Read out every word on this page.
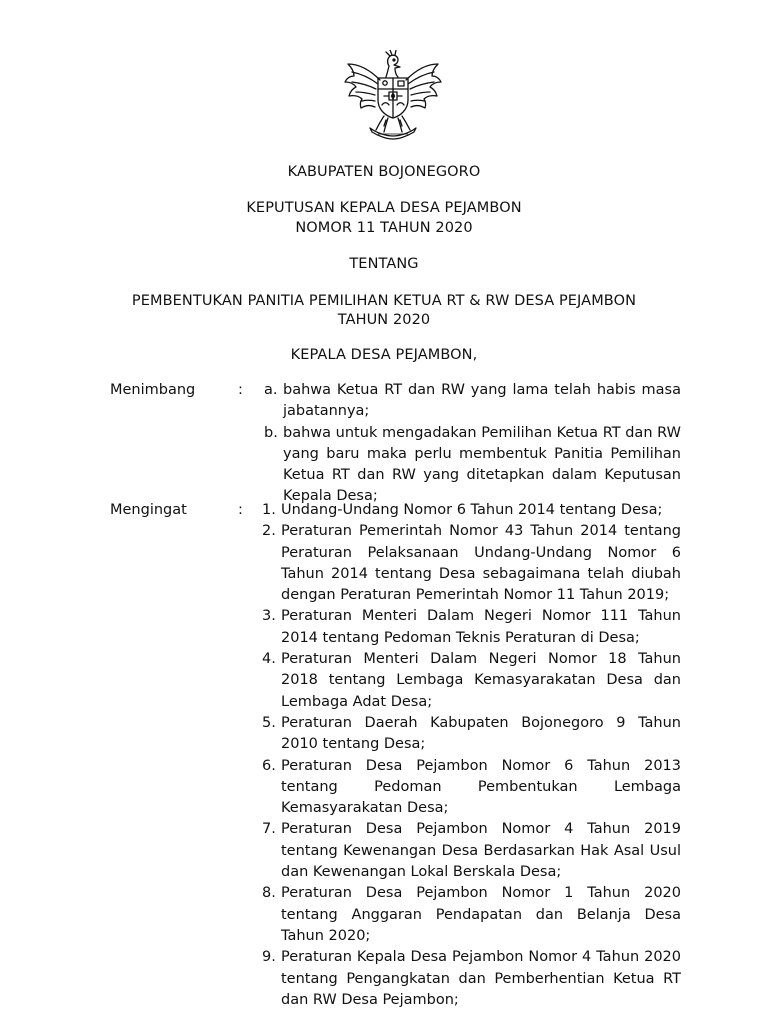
KABUPATEN BOJONEGORO
KEPUTUSAN KEPALA DESA PEJAMBON
NOMOR 11 TAHUN 2020
TENTANG
PEMBENTUKAN PANITIA PEMILIHAN KETUA RT & RW DESA PEJAMBON
TAHUN 2020
KEPALA DESA PEJAMBON,
Menimbang	: a. bahwa Ketua RT dan RW yang lama telah habis masa jabatannya;
b. bahwa untuk mengadakan Pemilihan Ketua RT dan RW yang baru maka perlu membentuk Panitia Pemilihan Ketua RT dan RW yang ditetapkan dalam Keputusan Kepala Desa;
Mengingat	: 1. Undang-Undang Nomor 6 Tahun 2014 tentang Desa;
2. Peraturan Pemerintah Nomor 43 Tahun 2014 tentang Peraturan Pelaksanaan Undang-Undang Nomor 6 Tahun 2014 tentang Desa sebagaimana telah diubah dengan Peraturan Pemerintah Nomor 11 Tahun 2019;
3. Peraturan Menteri Dalam Negeri Nomor 111 Tahun 2014 tentang Pedoman Teknis Peraturan di Desa;
4. Peraturan Menteri Dalam Negeri Nomor 18 Tahun 2018 tentang Lembaga Kemasyarakatan Desa dan Lembaga Adat Desa;
5. Peraturan Daerah Kabupaten Bojonegoro 9 Tahun 2010 tentang Desa;
6. Peraturan Desa Pejambon Nomor 6 Tahun 2013 tentang Pedoman Pembentukan Lembaga Kemasyarakatan Desa;
7. Peraturan Desa Pejambon Nomor 4 Tahun 2019 tentang Kewenangan Desa Berdasarkan Hak Asal Usul dan Kewenangan Lokal Berskala Desa;
8. Peraturan Desa Pejambon Nomor 1 Tahun 2020 tentang Anggaran Pendapatan dan Belanja Desa Tahun 2020;
9. Peraturan Kepala Desa Pejambon Nomor 4 Tahun 2020 tentang Pengangkatan dan Pemberhentian Ketua RT dan RW Desa Pejambon;
